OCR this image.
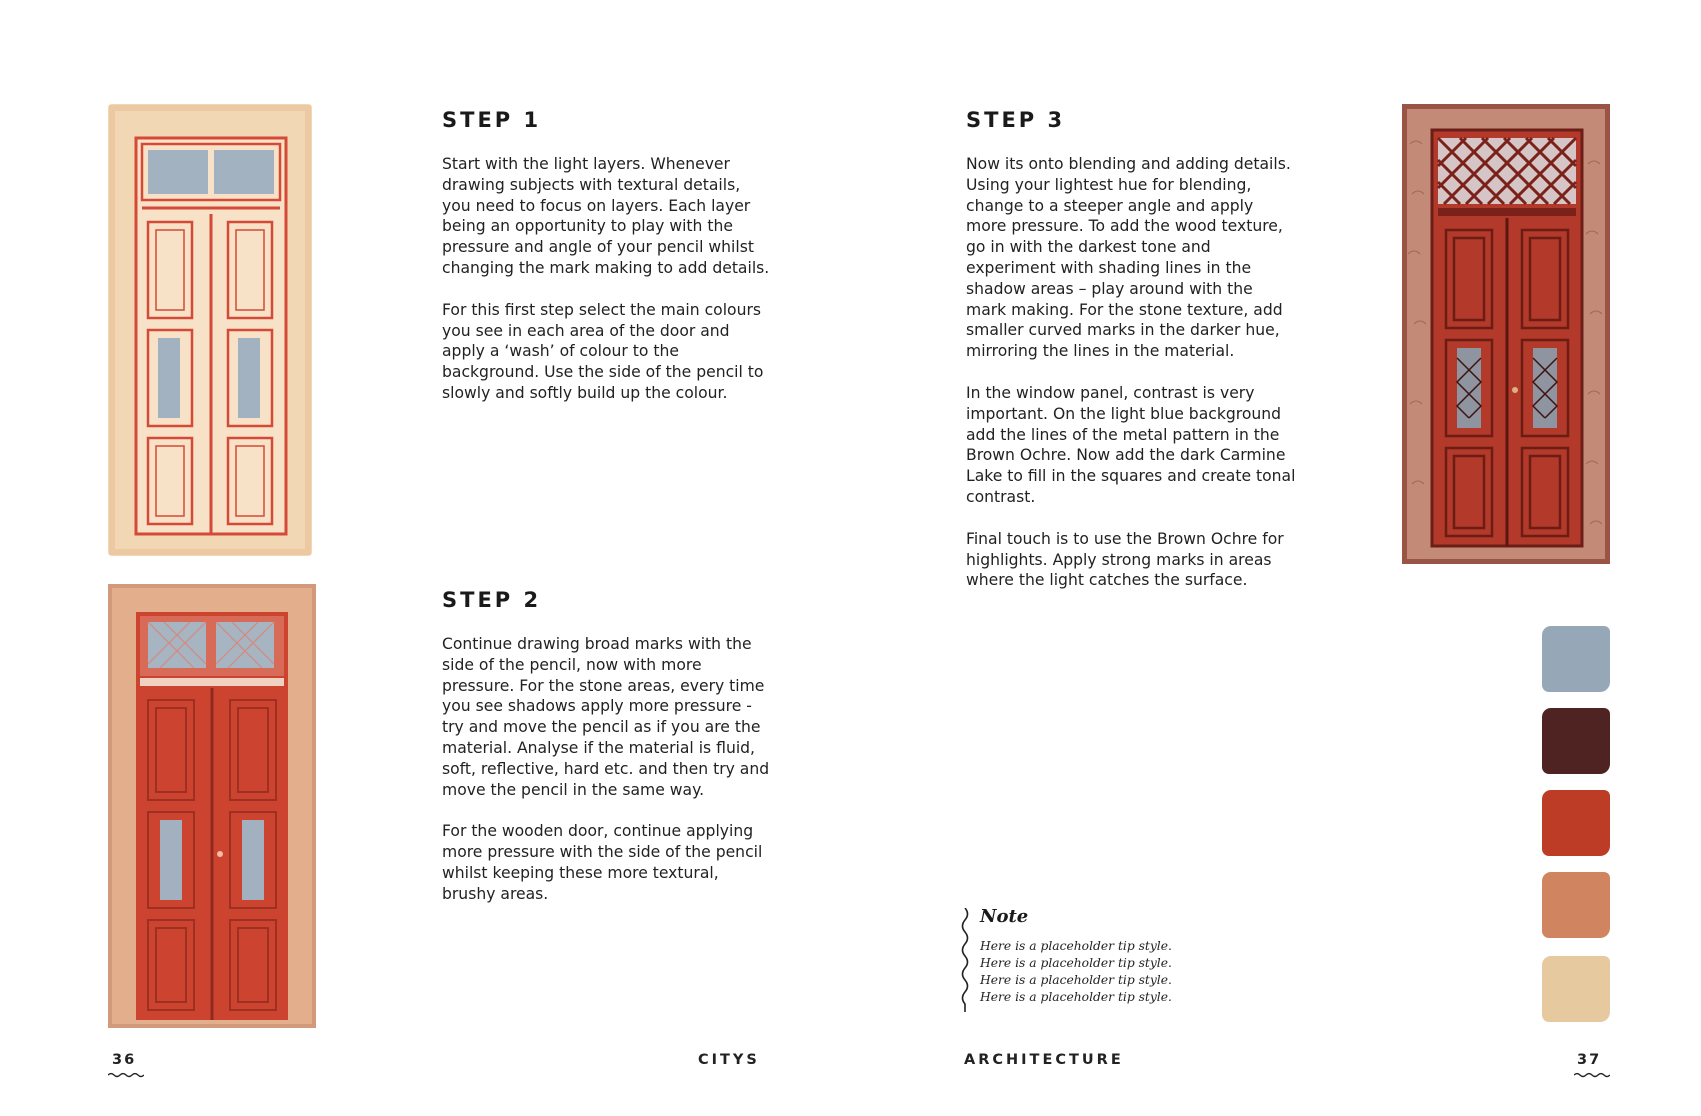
STEP 1

Start with the light layers. Whenever drawing subjects with textural details, you need to focus on layers. Each layer being an opportunity to play with the pressure and angle of your pencil whilst changing the mark making to add details.

For this first step select the main colours you see in each area of the door and apply a ‘wash’ of colour to the background. Use the side of the pencil to slowly and softly build up the colour.

STEP 2

Continue drawing broad marks with the side of the pencil, now with more pressure. For the stone areas, every time you see shadows apply more pressure - try and move the pencil as if you are the material. Analyse if the material is fluid, soft, reflective, hard etc. and then try and move the pencil in the same way.

For the wooden door, continue applying more pressure with the side of the pencil whilst keeping these more textural, brushy areas.

STEP 3

Now its onto blending and adding details. Using your lightest hue for blending, change to a steeper angle and apply more pressure. To add the wood texture, go in with the darkest tone and experiment with shading lines in the shadow areas – play around with the mark making. For the stone texture, add smaller curved marks in the darker hue, mirroring the lines in the material.

In the window panel, contrast is very important. On the light blue background add the lines of the metal pattern in the Brown Ochre. Now add the dark Carmine Lake to fill in the squares and create tonal contrast.

Final touch is to use the Brown Ochre for highlights. Apply strong marks in areas where the light catches the surface.

Note
Here is a placeholder tip style. Here is a placeholder tip style. Here is a placeholder tip style. Here is a placeholder tip style.
36	CITYS	ARCHITECTURE	37
